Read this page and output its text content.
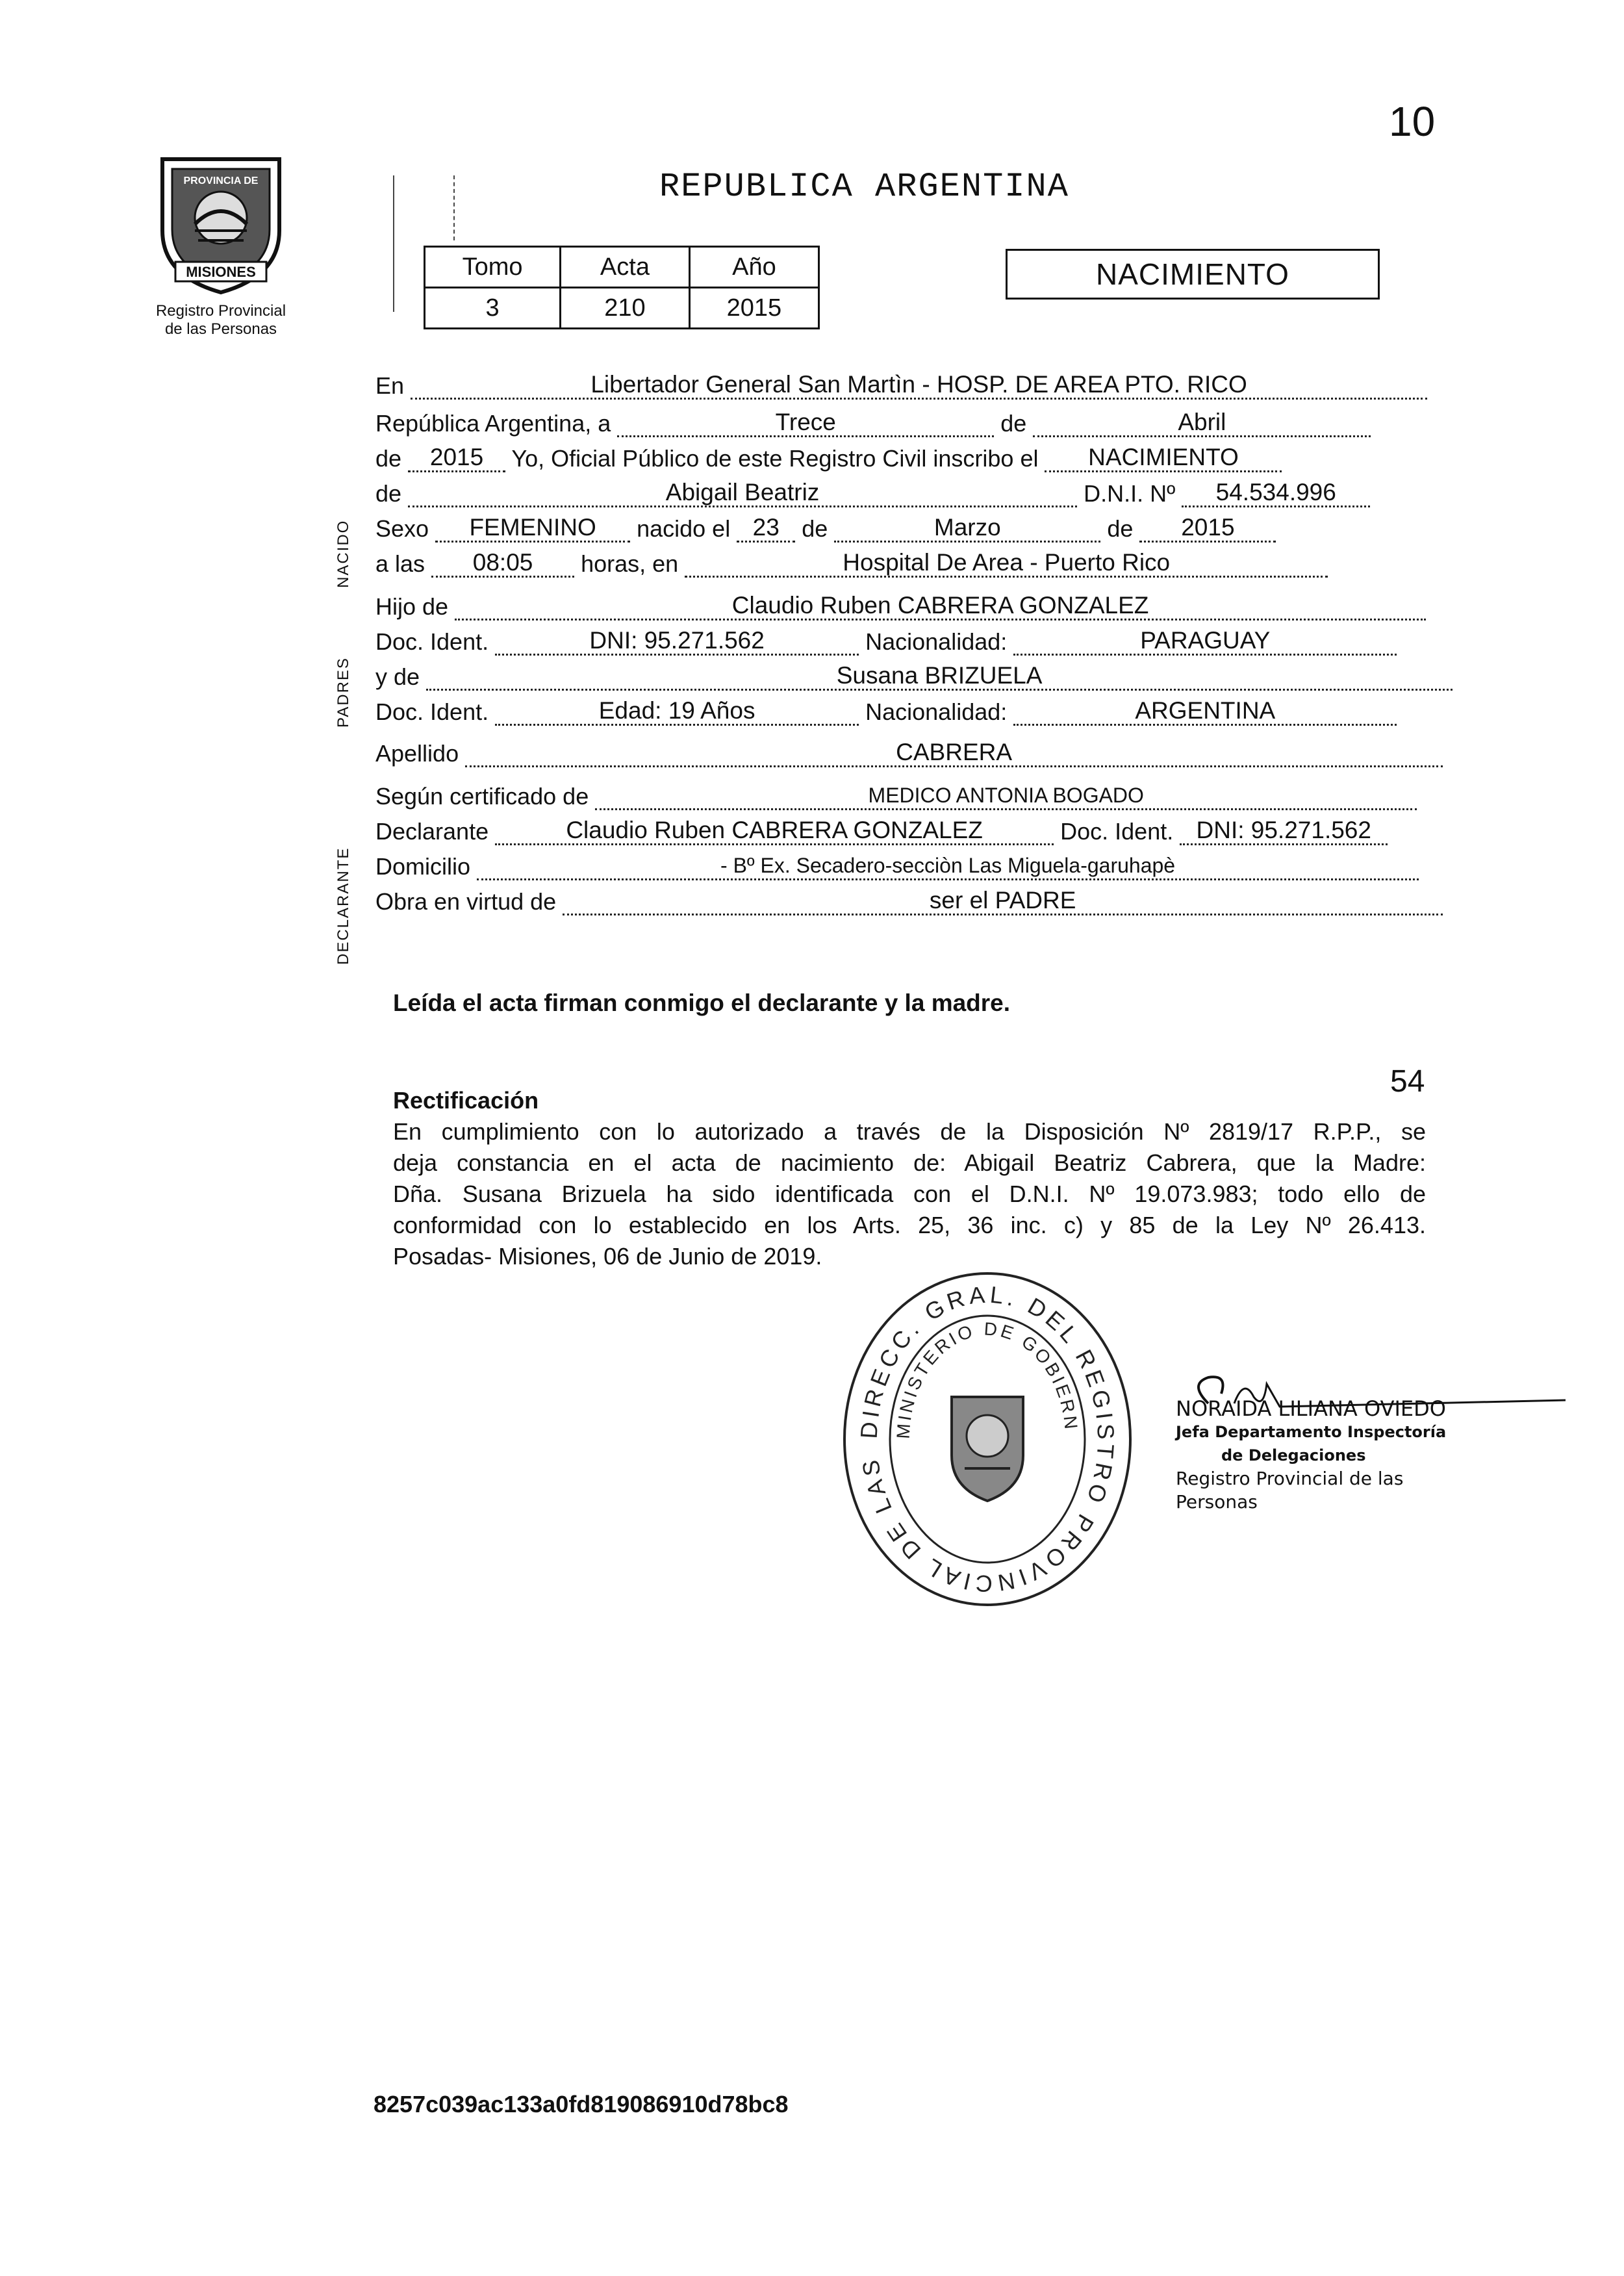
10
MISIONES
PROVINCIA DE
Registro Provincial
de las Personas
REPUBLICA ARGENTINA
Tomo	Acta	Año
3	210	2015
NACIMIENTO
NACIDO
PADRES
DECLARANTE
En	Libertador General San Martìn - HOSP. DE AREA PTO. RICO
República Argentina, a	Trece	de	Abril
de 2015 Yo, Oficial Público de este Registro Civil inscribo el NACIMIENTO
de	Abigail Beatriz	D.N.I. Nº 54.534.996
Sexo FEMENINO nacido el 23 de	Marzo	de 2015
a las 08:05 horas, en	Hospital De Area - Puerto Rico
Hijo de	Claudio Ruben CABRERA GONZALEZ
Doc. Ident.	DNI: 95.271.562	Nacionalidad:	PARAGUAY
y de	Susana BRIZUELA
Doc. Ident.	Edad: 19 Años	Nacionalidad:	ARGENTINA
Apellido	CABRERA
Según certificado de	MEDICO ANTONIA BOGADO
Declarante	Claudio Ruben CABRERA GONZALEZ	Doc. Ident. DNI: 95.271.562
Domicilio	- Bº Ex. Secadero-secciòn Las Miguela-garuhapè
Obra en virtud de	ser el PADRE
Leída el acta firman conmigo el declarante y la madre.
54
Rectificación
En cumplimiento con lo autorizado a través de la Disposición Nº 2819/17 R.P.P., se
deja constancia en el acta de nacimiento de: Abigail Beatriz Cabrera, que la Madre:
Dña. Susana Brizuela ha sido identificada con el D.N.I. Nº 19.073.983; todo ello de
conformidad con lo establecido en los Arts. 25, 36 inc. c) y 85 de la Ley Nº 26.413.
Posadas- Misiones, 06 de Junio de 2019.
DIRECC. GRAL. DEL REGISTRO PROVINCIAL DE LAS
MINISTERIO DE GOBIERN
NORAIDA LILIANA OVIEDO
Jefa Departamento Inspectoría
de Delegaciones
Registro Provincial de las Personas
8257c039ac133a0fd819086910d78bc8
